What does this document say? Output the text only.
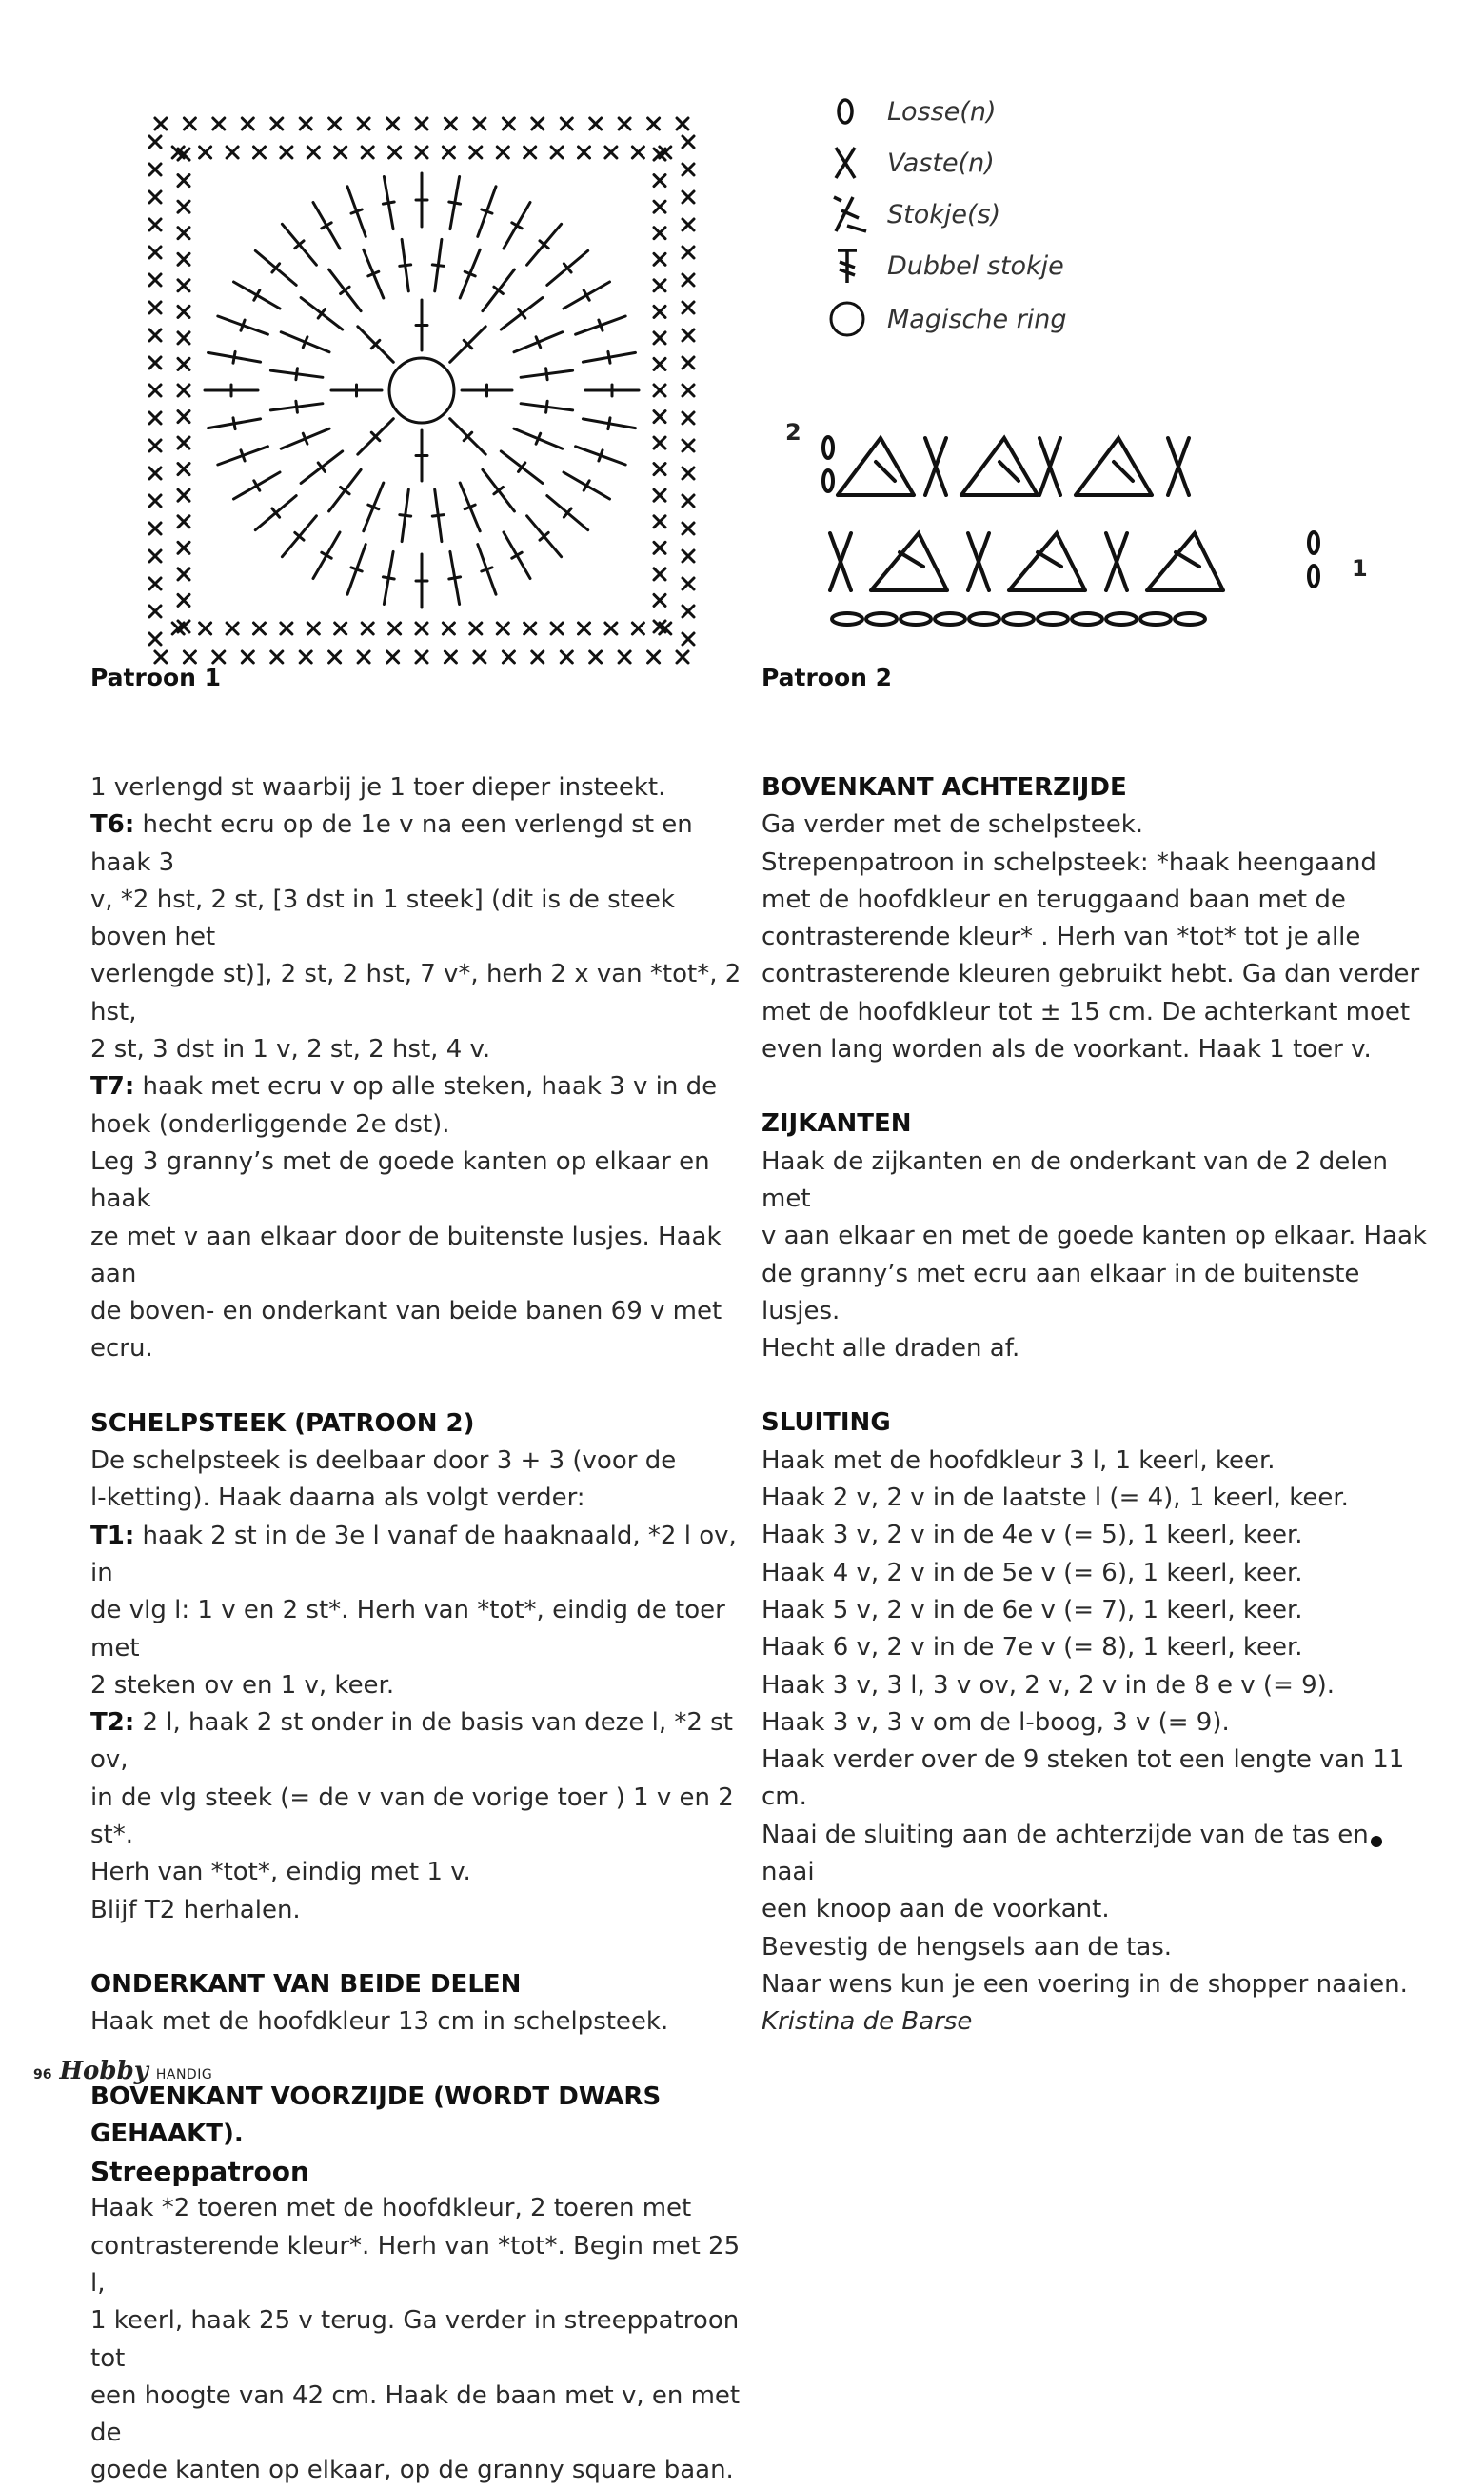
Losse(n)
Vaste(n)
Stokje(s)
Dubbel stokje
Magische ring
2
1
Patroon 1	Patroon 2

1 verlengd st waarbij je 1 toer dieper insteekt.

T6: hecht ecru op de 1e v na een verlengd st en haak 3

v, *2 hst, 2 st, [3 dst in 1 steek] (dit is de steek boven het

verlengde st)], 2 st, 2 hst, 7 v*, herh 2 x van *tot*, 2 hst,

2 st, 3 dst in 1 v, 2 st, 2 hst, 4 v.

T7: haak met ecru v op alle steken, haak 3 v in de

hoek (onderliggende 2e dst).

Leg 3 granny’s met de goede kanten op elkaar en haak

ze met v aan elkaar door de buitenste lusjes. Haak aan

de boven- en onderkant van beide banen 69 v met

ecru.

SCHELPSTEEK (PATROON 2)

De schelpsteek is deelbaar door 3 + 3 (voor de

l-ketting). Haak daarna als volgt verder:

T1: haak 2 st in de 3e l vanaf de haaknaald, *2 l ov, in

de vlg l: 1 v en 2 st*. Herh van *tot*, eindig de toer met

2 steken ov en 1 v, keer.

T2: 2 l, haak 2 st onder in de basis van deze l, *2 st ov,

in de vlg steek (= de v van de vorige toer ) 1 v en 2 st*.

Herh van *tot*, eindig met 1 v.

Blijf T2 herhalen.

ONDERKANT VAN BEIDE DELEN

Haak met de hoofdkleur 13 cm in schelpsteek.

BOVENKANT VOORZIJDE (WORDT DWARS GEHAAKT).

Streeppatroon

Haak *2 toeren met de hoofdkleur, 2 toeren met

contrasterende kleur*. Herh van *tot*. Begin met 25 l,

1 keerl, haak 25 v terug. Ga verder in streeppatroon tot

een hoogte van 42 cm. Haak de baan met v, en met de

goede kanten op elkaar, op de granny square baan.

BOVENKANT ACHTERZIJDE

Ga verder met de schelpsteek.

Strepenpatroon in schelpsteek: *haak heengaand

met de hoofdkleur en teruggaand baan met de

contrasterende kleur* . Herh van *tot* tot je alle

contrasterende kleuren gebruikt hebt. Ga dan verder

met de hoofdkleur tot ± 15 cm. De achterkant moet

even lang worden als de voorkant. Haak 1 toer v.

ZIJKANTEN

Haak de zijkanten en de onderkant van de 2 delen met

v aan elkaar en met de goede kanten op elkaar. Haak

de granny’s met ecru aan elkaar in de buitenste lusjes.

Hecht alle draden af.

SLUITING

Haak met de hoofdkleur 3 l, 1 keerl, keer.

Haak 2 v, 2 v in de laatste l (= 4), 1 keerl, keer.

Haak 3 v, 2 v in de 4e v (= 5), 1 keerl, keer.

Haak 4 v, 2 v in de 5e v (= 6), 1 keerl, keer.

Haak 5 v, 2 v in de 6e v (= 7), 1 keerl, keer.

Haak 6 v, 2 v in de 7e v (= 8), 1 keerl, keer.

Haak 3 v, 3 l, 3 v ov, 2 v, 2 v in de 8 e v (= 9).

Haak 3 v, 3 v om de l-boog, 3 v (= 9).

Haak verder over de 9 steken tot een lengte van 11 cm.

Naai de sluiting aan de achterzijde van de tas en naai

een knoop aan de voorkant.

Bevestig de hengsels aan de tas.

Naar wens kun je een voering in de shopper naaien.

Kristina de Barse

96 Hobby HANDIG
